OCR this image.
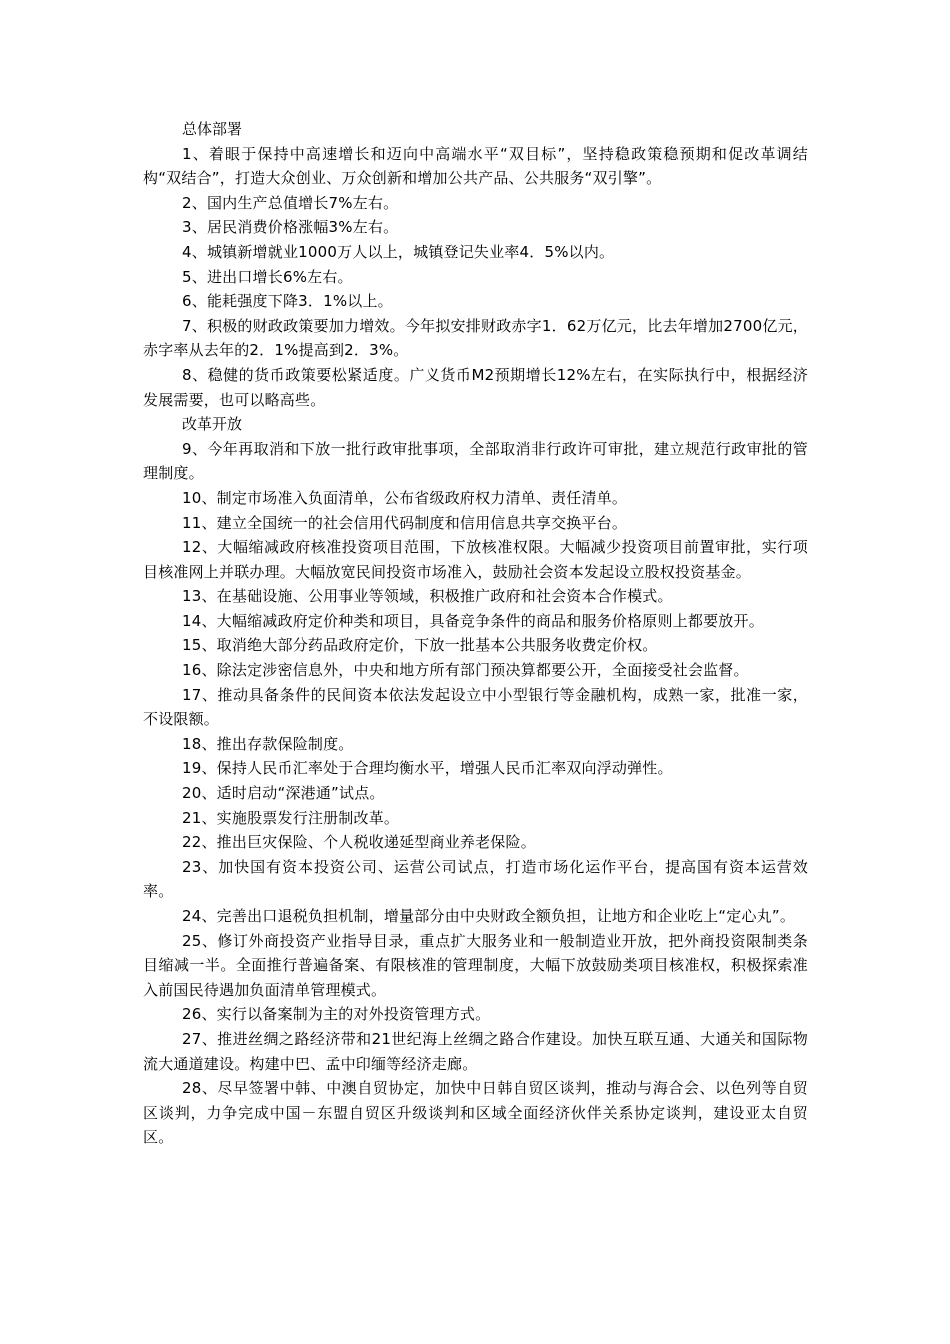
总体部署

1、着眼于保持中高速增长和迈向中高端水平“双目标”，坚持稳政策稳预期和促改革调结构“双结合”，打造大众创业、万众创新和增加公共产品、公共服务“双引擎”。

2、国内生产总值增长7%左右。

3、居民消费价格涨幅3%左右。

4、城镇新增就业1000万人以上，城镇登记失业率4．5%以内。

5、进出口增长6%左右。

6、能耗强度下降3．1%以上。

7、积极的财政政策要加力增效。今年拟安排财政赤字1．62万亿元，比去年增加2700亿元，赤字率从去年的2．1%提高到2．3%。

8、稳健的货币政策要松紧适度。广义货币M2预期增长12%左右，在实际执行中，根据经济发展需要，也可以略高些。

改革开放

9、今年再取消和下放一批行政审批事项，全部取消非行政许可审批，建立规范行政审批的管理制度。

10、制定市场准入负面清单，公布省级政府权力清单、责任清单。

11、建立全国统一的社会信用代码制度和信用信息共享交换平台。

12、大幅缩减政府核准投资项目范围，下放核准权限。大幅减少投资项目前置审批，实行项目核准网上并联办理。大幅放宽民间投资市场准入，鼓励社会资本发起设立股权投资基金。

13、在基础设施、公用事业等领域，积极推广政府和社会资本合作模式。

14、大幅缩减政府定价种类和项目，具备竞争条件的商品和服务价格原则上都要放开。

15、取消绝大部分药品政府定价，下放一批基本公共服务收费定价权。

16、除法定涉密信息外，中央和地方所有部门预决算都要公开，全面接受社会监督。

17、推动具备条件的民间资本依法发起设立中小型银行等金融机构，成熟一家，批准一家，不设限额。

18、推出存款保险制度。

19、保持人民币汇率处于合理均衡水平，增强人民币汇率双向浮动弹性。

20、适时启动“深港通”试点。

21、实施股票发行注册制改革。

22、推出巨灾保险、个人税收递延型商业养老保险。

23、加快国有资本投资公司、运营公司试点，打造市场化运作平台，提高国有资本运营效率。

24、完善出口退税负担机制，增量部分由中央财政全额负担，让地方和企业吃上“定心丸”。

25、修订外商投资产业指导目录，重点扩大服务业和一般制造业开放，把外商投资限制类条目缩减一半。全面推行普遍备案、有限核准的管理制度，大幅下放鼓励类项目核准权，积极探索准入前国民待遇加负面清单管理模式。

26、实行以备案制为主的对外投资管理方式。

27、推进丝绸之路经济带和21世纪海上丝绸之路合作建设。加快互联互通、大通关和国际物流大通道建设。构建中巴、孟中印缅等经济走廊。

28、尽早签署中韩、中澳自贸协定，加快中日韩自贸区谈判，推动与海合会、以色列等自贸区谈判，力争完成中国－东盟自贸区升级谈判和区域全面经济伙伴关系协定谈判，建设亚太自贸区。
